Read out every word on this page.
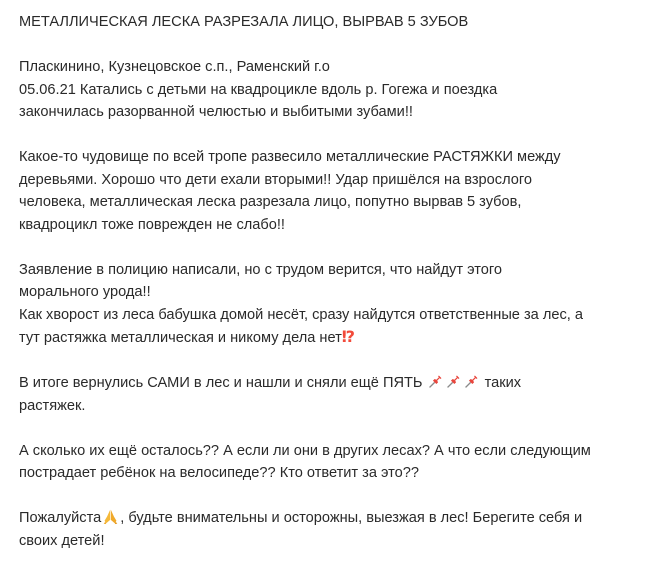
МЕТАЛЛИЧЕСКАЯ ЛЕСКА РАЗРЕЗАЛА ЛИЦО, ВЫРВАВ 5 ЗУБОВ
Пласкинино, Кузнецовское с.п., Раменский г.о
05.06.21 Катались с детьми на квадроцикле вдоль р. Гогежа и поездка
закончилась разорванной челюстью и выбитыми зубами!!
Какое-то чудовище по всей тропе развесило металлические РАСТЯЖКИ между
деревьями. Хорошо что дети ехали вторыми!! Удар пришёлся на взрослого
человека, металлическая леска разрезала лицо, попутно вырвав 5 зубов,
квадроцикл тоже поврежден не слабо!!
Заявление в полицию написали, но с трудом верится, что найдут этого
морального урода!!
Как хворост из леса бабушка домой несёт, сразу найдутся ответственные за лес, а
тут растяжка металлическая и никому дела нет⁉
В итоге вернулись САМИ в лес и нашли и сняли ещё ПЯТЬ	таких
растяжек.
А сколько их ещё осталось?? А если ли они в других лесах? А что если следующим
пострадает ребёнок на велосипеде?? Кто ответит за это??
Пожалуйста , будьте внимательны и осторожны, выезжая в лес! Берегите себя и
своих детей!
